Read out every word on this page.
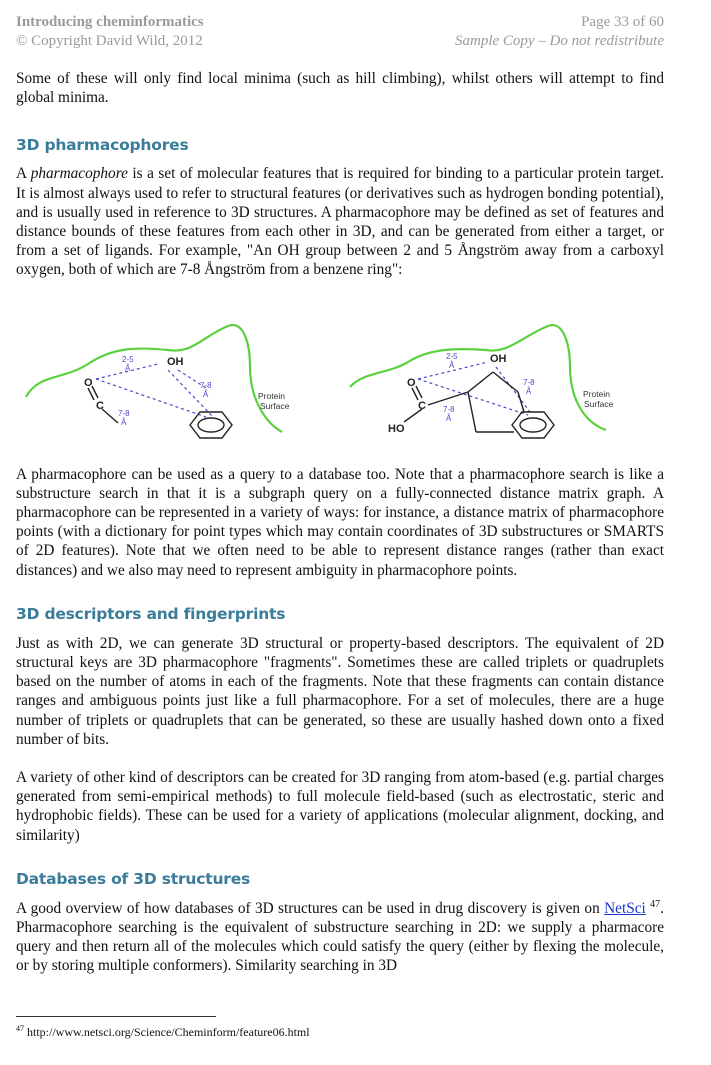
Introducing cheminformatics
© Copyright David Wild, 2012
Page 33 of 60
Sample Copy – Do not redistribute

Some of these will only find local minima (such as hill climbing), whilst others will attempt to find global minima.

3D pharmacophores

A pharmacophore is a set of molecular features that is required for binding to a particular protein target. It is almost always used to refer to structural features (or derivatives such as hydrogen bonding potential), and is usually used in reference to 3D structures. A pharmacophore may be defined as set of features and distance bounds of these features from each other in 3D, and can be generated from either a target, or from a set of ligands. For example, "An OH group between 2 and 5 Ångström away from a carboxyl oxygen, both of which are 7-8 Ångström from a benzene ring":

A pharmacophore can be used as a query to a database too. Note that a pharmacophore search is like a substructure search in that it is a subgraph query on a fully-connected distance matrix graph. A pharmacophore can be represented in a variety of ways: for instance, a distance matrix of pharmacophore points (with a dictionary for point types which may contain coordinates of 3D substructures or SMARTS of 2D features). Note that we often need to be able to represent distance ranges (rather than exact distances) and we also may need to represent ambiguity in pharmacophore points.

3D descriptors and fingerprints

Just as with 2D, we can generate 3D structural or property-based descriptors. The equivalent of 2D structural keys are 3D pharmacophore "fragments". Sometimes these are called triplets or quadruplets based on the number of atoms in each of the fragments. Note that these fragments can contain distance ranges and ambiguous points just like a full pharmacophore. For a set of molecules, there are a huge number of triplets or quadruplets that can be generated, so these are usually hashed down onto a fixed number of bits.

A variety of other kind of descriptors can be created for 3D ranging from atom-based (e.g. partial charges generated from semi-empirical methods) to full molecule field-based (such as electrostatic, steric and hydrophobic fields). These can be used for a variety of applications (molecular alignment, docking, and similarity)

Databases of 3D structures

A good overview of how databases of 3D structures can be used in drug discovery is given on NetSci $^{47}$. Pharmacophore searching is the equivalent of substructure searching in 2D: we supply a pharmacore query and then return all of the molecules which could satisfy the query (either by flexing the molecule, or by storing multiple conformers). Similarity searching in 3D

O
C
OH
2-5
Å
7-8
Å
7-8
Å
Protein
Surface
O
C
HO
OH
2-5
Å
7-8
Å
7-8
Å
Protein
Surface
$^{47}$ http://www.netsci.org/Science/Cheminform/feature06.html
